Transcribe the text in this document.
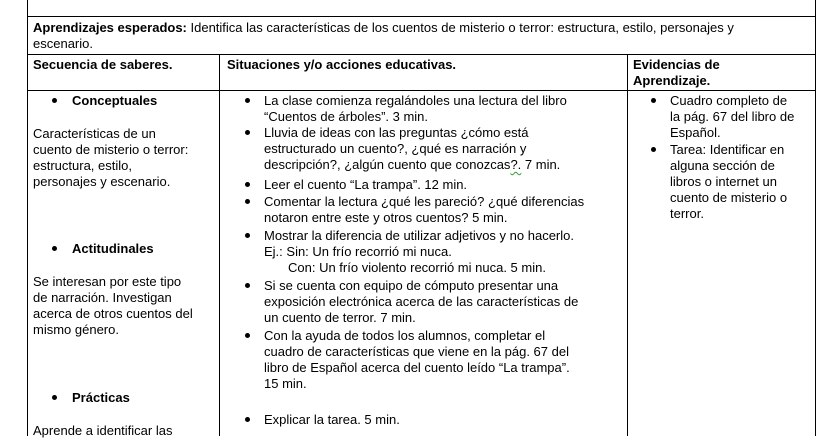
Aprendizajes esperados: Identifica las características de los cuentos de misterio o terror: estructura, estilo, personajes y
escenario.
Secuencia de saberes.	Situaciones y/o acciones educativas.	Evidencias de
Aprendizaje.
Conceptuales
Características de un
cuento de misterio o terror:
estructura, estilo,
personajes y escenario.
Actitudinales
Se interesan por este tipo
de narración. Investigan
acerca de otros cuentos del
mismo género.
Prácticas
Aprende a identificar las
La clase comienza regalándoles una lectura del libro
“Cuentos de árboles”. 3 min.
Lluvia de ideas con las preguntas ¿cómo está
estructurado un cuento?, ¿qué es narración y
descripción?, ¿algún cuento que conozcas?. 7 min.
Leer el cuento “La trampa”. 12 min.
Comentar la lectura ¿qué les pareció? ¿qué diferencias
notaron entre este y otros cuentos? 5 min.
Mostrar la diferencia de utilizar adjetivos y no hacerlo.
Ej.: Sin: Un frío recorrió mi nuca.
Con: Un frío violento recorrió mi nuca. 5 min.
Si se cuenta con equipo de cómputo presentar una
exposición electrónica acerca de las características de
un cuento de terror. 7 min.
Con la ayuda de todos los alumnos, completar el
cuadro de características que viene en la pág. 67 del
libro de Español acerca del cuento leído “La trampa”.
15 min.
Explicar la tarea. 5 min.
Cuadro completo de
la pág. 67 del libro de
Español.
Tarea: Identificar en
alguna sección de
libros o internet un
cuento de misterio o
terror.
